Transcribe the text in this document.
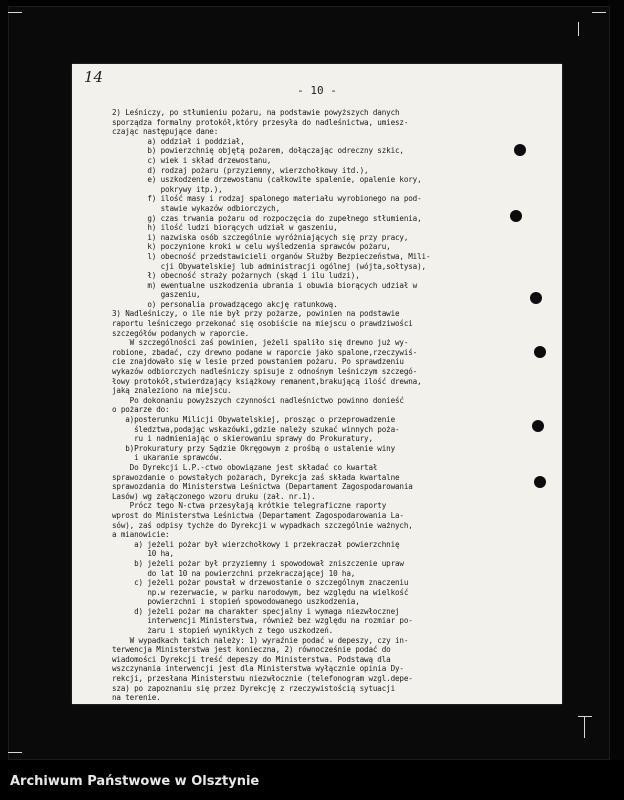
- 10 -
2) Leśniczy, po stłumieniu pożaru, na podstawie powyższych danych
sporządza formalny protokół,który przesyła do nadleśnictwa, umiesz-
czając następujące dane:
a) oddział i poddział,
b) powierzchnię objętą pożarem, dołączając odreczny szkic,
c) wiek i skład drzewostanu,
d) rodzaj pożaru (przyziemny, wierzchołkowy itd.),
e) uszkodzenie drzewostanu (całkowite spalenie, opalenie kory,
pokrywy itp.),
f) ilość masy i rodzaj spalonego materiału wyrobionego na pod-
stawie wykazów odbiorczych,
g) czas trwania pożaru od rozpoczęcia do zupełnego stłumienia,
h) ilość ludzi biorących udział w gaszeniu,
i) nazwiska osób szczególnie wyróżniających się przy pracy,
k) poczynione kroki w celu wyśledzenia sprawców pożaru,
l) obecność przedstawicieli organów Służby Bezpieczeństwa, Mili-
cji Obywatelskiej lub administracji ogólnej (wójta,sołtysa),
ł) obecność straży pożarnych (skąd i ilu ludzi),
m) ewentualne uszkodzenia ubrania i obuwia biorących udział w
gaszeniu,
o) personalia prowadzącego akcję ratunkową.
3) Nadleśniczy, o ile nie był przy pożarze, powinien na podstawie
raportu leśniczego przekonać się osobiście na miejscu o prawdziwości
szczegółów podanych w raporcie.
W szczególności zaś powinien, jeżeli spaliło się drewno już wy-
robione, zbadać, czy drewno podane w raporcie jako spalone,rzeczywiś-
cie znajdowało się w lesie przed powstaniem pożaru. Po sprawdzeniu
wykazów odbiorczych nadleśniczy spisuje z odnośnym leśniczym szczegó-
łowy protokół,stwierdzający książkowy remanent,brakującą ilość drewna,
jaką znaleziono na miejscu.
Po dokonaniu powyższych czynności nadleśnictwo powinno donieść
o pożarze do:
a)posterunku Milicji Obywatelskiej, prosząc o przeprowadzenie
śledztwa,podając wskazówki,gdzie należy szukać winnych poża-
ru i nadmieniając o skierowaniu sprawy do Prokuratury,
b)Prokuratury przy Sądzie Okręgowym z prośbą o ustalenie winy
i ukaranie sprawców.
Do Dyrekcji L.P.-ctwo obowiązane jest składać co kwartał
sprawozdanie o powstałych pożarach, Dyrekcja zaś składa kwartalne
sprawozdania do Ministerstwa Leśnictwa (Departament Zagospodarowania
Lasów) wg załączonego wzoru druku (zał. nr.1).
Prócz tego N-ctwa przesyłają krótkie telegraficzne raporty
wprost do Ministerstwa Leśnictwa (Departament Zagospodarowania La-
sów), zaś odpisy tychże do Dyrekcji w wypadkach szczególnie ważnych,
a mianowicie:
a) jeżeli pożar był wierzchołkowy i przekraczał powierzchnię
10 ha,
b) jeżeli pożar był przyziemny i spowodował zniszczenie upraw
do lat 10 na powierzchni przekraczającej 10 ha,
c) jeżeli pożar powstał w drzewostanie o szczególnym znaczeniu
np.w rezerwacie, w parku narodowym, bez względu na wielkość
powierzchni i stopień spowodowanego uszkodzenia,
d) jeżeli pożar ma charakter specjalny i wymaga niezwłocznej
interwencji Ministerstwa, również bez względu na rozmiar po-
żaru i stopień wynikłych z tego uszkodzeń.
W wypadkach takich należy: 1) wyraźnie podać w depeszy, czy in-
terwencja Ministerstwa jest konieczna, 2) równocześnie podać do
wiadomości Dyrekcji treść depeszy do Ministerstwa. Podstawą dla
wszczynania interwencji jest dla Ministerstwa wyłącznie opinia Dy-
rekcji, przesłana Ministerstwu niezwłocznie (telefonogram wzgl.depe-
sza) po zapoznaniu się przez Dyrekcję z rzeczywistością sytuacji
na terenie.
14
Archiwum Państwowe w Olsztynie
